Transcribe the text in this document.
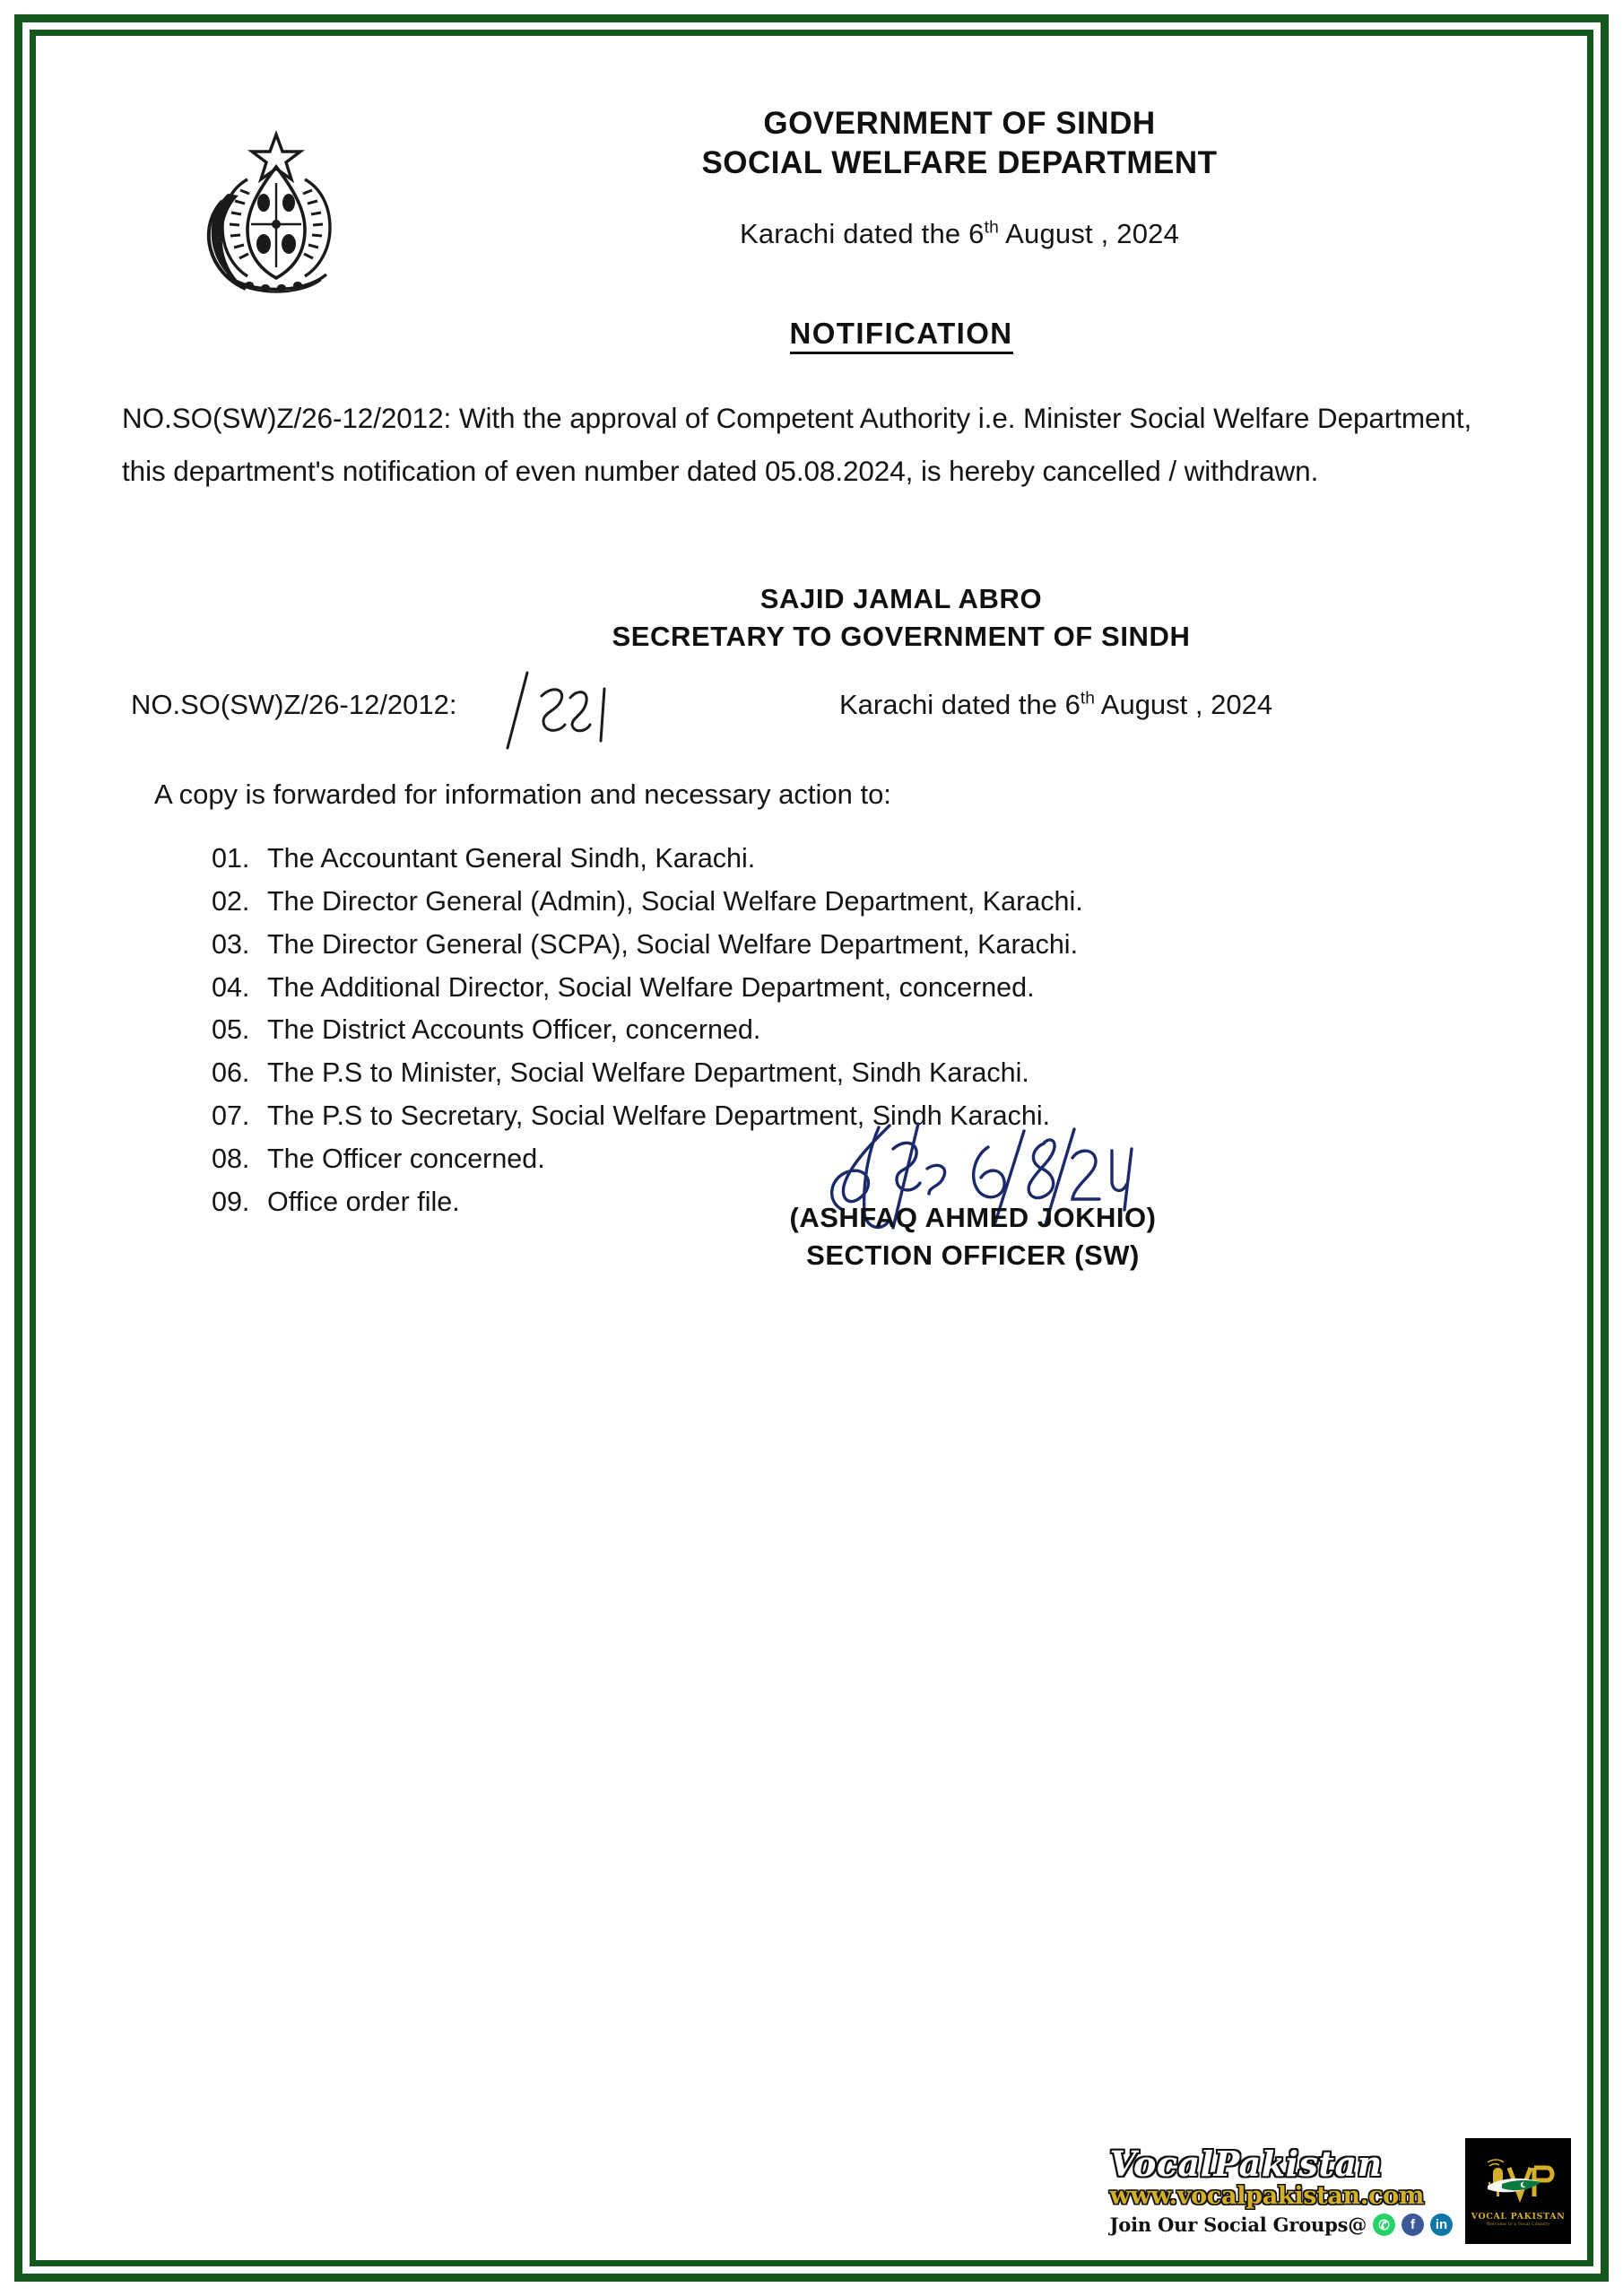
GOVERNMENT OF SINDH
SOCIAL WELFARE DEPARTMENT
Karachi dated the 6th August , 2024
NOTIFICATION
NO.SO(SW)Z/26-12/2012: With the approval of Competent Authority i.e. Minister Social Welfare Department, this department's notification of even number dated 05.08.2024, is hereby cancelled / withdrawn.
SAJID JAMAL ABRO
SECRETARY TO GOVERNMENT OF SINDH
NO.SO(SW)Z/26-12/2012:	Karachi dated the 6th August , 2024
A copy is forwarded for information and necessary action to:
01. The Accountant General Sindh, Karachi.
02. The Director General (Admin), Social Welfare Department, Karachi.
03. The Director General (SCPA), Social Welfare Department, Karachi.
04. The Additional Director, Social Welfare Department, concerned.
05. The District Accounts Officer, concerned.
06. The P.S to Minister, Social Welfare Department, Sindh Karachi.
07. The P.S to Secretary, Social Welfare Department, Sindh Karachi.
08. The Officer concerned.
09. Office order file.	(ASHFAQ AHMED JOKHIO)
SECTION OFFICER (SW)
VocalPakistan
www.vocalpakistan.com
Join Our Social Groups@ ✆	f	in
VOCAL PAKISTAN
Welcome to a Vocal Country
